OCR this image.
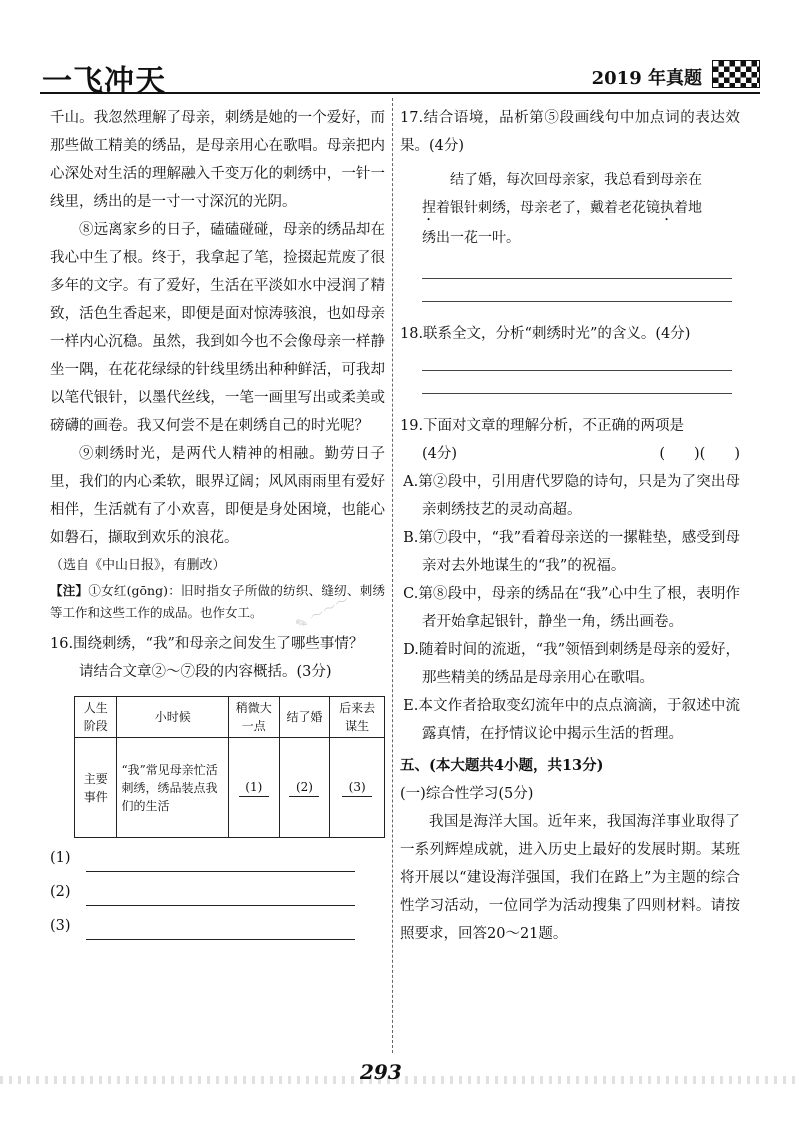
一飞冲天	2019 年真题

千山。我忽然理解了母亲，刺绣是她的一个爱好，而那些做工精美的绣品，是母亲用心在歌唱。母亲把内心深处对生活的理解融入千变万化的刺绣中，一针一线里，绣出的是一寸一寸深沉的光阴。

⑧远离家乡的日子，磕磕碰碰，母亲的绣品却在我心中生了根。终于，我拿起了笔，捡掇起荒废了很多年的文字。有了爱好，生活在平淡如水中浸润了精致，活色生香起来，即便是面对惊涛骇浪，也如母亲一样内心沉稳。虽然，我到如今也不会像母亲一样静坐一隅，在花花绿绿的针线里绣出种种鲜活，可我却以笔代银针，以墨代丝线，一笔一画里写出或柔美或磅礴的画卷。我又何尝不是在刺绣自己的时光呢？

⑨刺绣时光，是两代人精神的相融。勤劳日子里，我们的内心柔软，眼界辽阔；风风雨雨里有爱好相伴，生活就有了小欢喜，即便是身处困境，也能心如磐石，撷取到欢乐的浪花。

（选自《中山日报》，有删改）

【注】①女红(gōng)：旧时指女子所做的纺织、缝纫、刺绣等工作和这些工作的成品。也作女工。

16.围绕刺绣，“我”和母亲之间发生了哪些事情？

请结合文章②～⑦段的内容概括。(3分)

人生阶段	小时候	稍微大一点	结了婚	后来去谋生
主要事件	“我”常见母亲忙活刺绣，绣品装点我们的生活	(1)	(2)	(3)
(1)
(2)
(3)

17.结合语境，品析第⑤段画线句中加点词的表达效果。(4分)

结了婚，每次回母亲家，我总看到母亲在

捏着银针刺绣，母亲老了，戴着老花镜执着地

绣出一花一叶。

18.联系全文，分析“刺绣时光”的含义。(4分)

19.下面对文章的理解分析，不正确的两项是

(4分)	(　　)(　　)

A.第②段中，引用唐代罗隐的诗句，只是为了突出母亲刺绣技艺的灵动高超。

B.第⑦段中，“我”看着母亲送的一摞鞋垫，感受到母亲对去外地谋生的“我”的祝福。

C.第⑧段中，母亲的绣品在“我”心中生了根，表明作者开始拿起银针，静坐一角，绣出画卷。

D.随着时间的流逝，“我”领悟到刺绣是母亲的爱好，那些精美的绣品是母亲用心在歌唱。

E.本文作者拾取变幻流年中的点点滴滴，于叙述中流露真情，在抒情议论中揭示生活的哲理。

五、(本大题共4小题，共13分)

(一)综合性学习(5分)

我国是海洋大国。近年来，我国海洋事业取得了一系列辉煌成就，进入历史上最好的发展时期。某班将开展以“建设海洋强国，我们在路上”为主题的综合性学习活动，一位同学为活动搜集了四则材料。请按照要求，回答20～21题。

✎ ～～～
293
